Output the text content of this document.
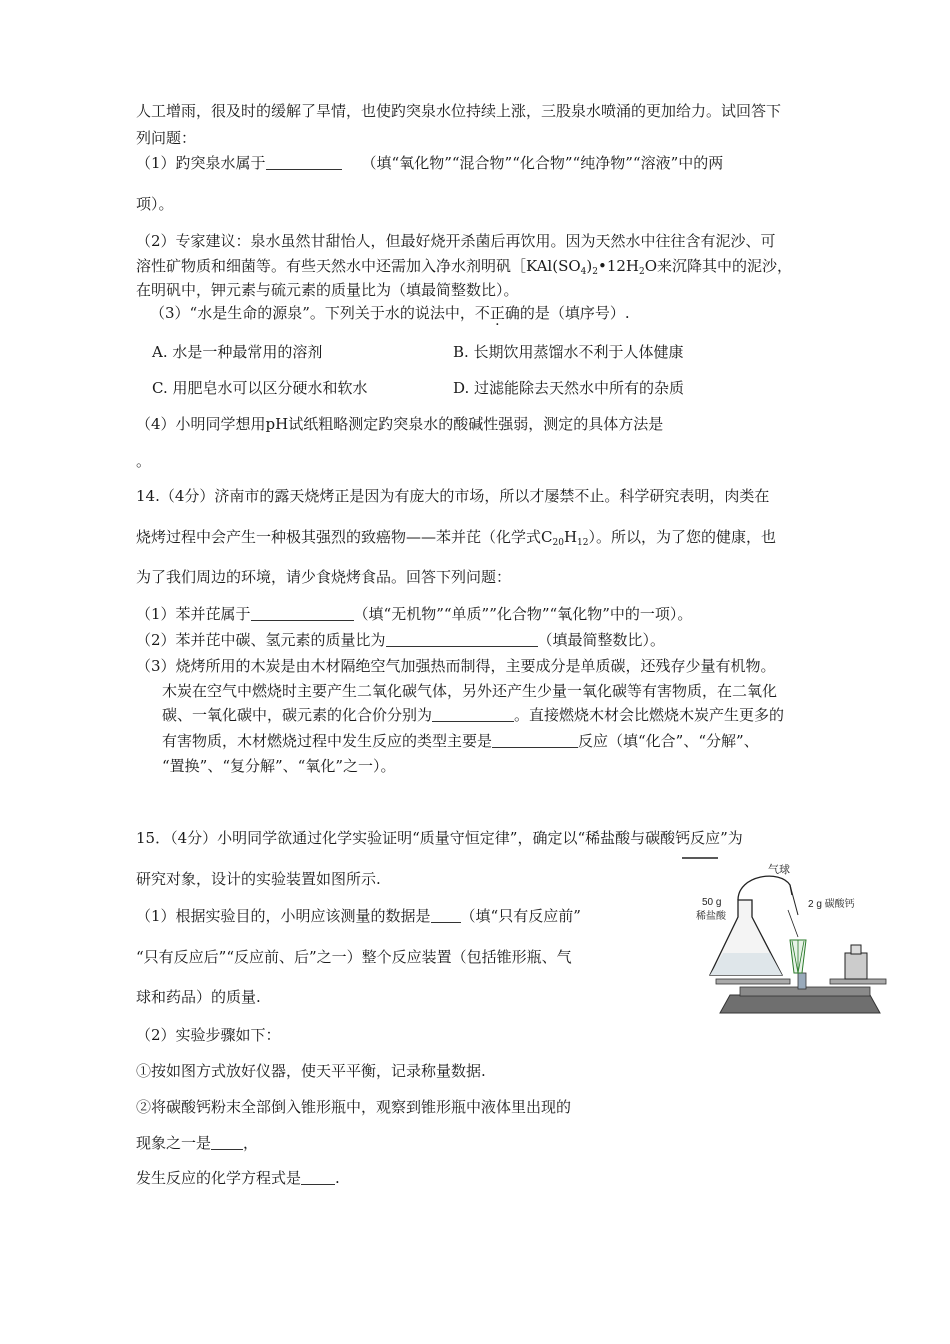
人工增雨，很及时的缓解了旱情，也使趵突泉水位持续上涨，三股泉水喷涌的更加给力。试回答下
列问题：
（1）趵突泉水属于	（填“氧化物”“混合物”“化合物”“纯净物”“溶液”中的两
项）。
（2）专家建议：泉水虽然甘甜怡人，但最好烧开杀菌后再饮用。因为天然水中往往含有泥沙、可
溶性矿物质和细菌等。有些天然水中还需加入净水剂明矾$[KAl(SO_4)_2•12H_2O$来沉降其中的泥沙，
在明矾中，钾元素与硫元素的质量比为（填最简整数比）。
（3）“水是生命的源泉”。下列关于水的说法中，不正确的是（填序号）.
A. 水是一种最常用的溶剂	B. 长期饮用蒸馏水不利于人体健康
C. 用肥皂水可以区分硬水和软水	D. 过滤能除去天然水中所有的杂质
（4）小明同学想用pH试纸粗略测定趵突泉水的酸碱性强弱，测定的具体方法是
。
14.（4分）济南市的露天烧烤正是因为有庞大的市场，所以才屡禁不止。科学研究表明，肉类在
烧烤过程中会产生一种极其强烈的致癌物——苯并芘（化学式$C_{20}H_{12}$）。所以，为了您的健康，也
为了我们周边的环境，请少食烧烤食品。回答下列问题：
（1）苯并芘属于	（填“无机物”“单质””化合物”“氧化物”中的一项）。
（2）苯并芘中碳、氢元素的质量比为	（填最简整数比）。
（3）烧烤所用的木炭是由木材隔绝空气加强热而制得，主要成分是单质碳，还残存少量有机物。
木炭在空气中燃烧时主要产生二氧化碳气体，另外还产生少量一氧化碳等有害物质，在二氧化
碳、一氧化碳中，碳元素的化合价分别为	。直接燃烧木材会比燃烧木炭产生更多的
有害物质，木材燃烧过程中发生反应的类型主要是	反应（填“化合”、“分解”、
“置换”、“复分解”、“氧化”之一）。
15．（4分）小明同学欲通过化学实验证明“质量守恒定律”，确定以“稀盐酸与碳酸钙反应”为
研究对象，设计的实验装置如图所示.
（1）根据实验目的，小明应该测量的数据是 （填“只有反应前”
“只有反应后”“反应前、后”之一）整个反应装置（包括锥形瓶、气
球和药品）的质量.
（2）实验步骤如下：
①按如图方式放好仪器，使天平平衡，记录称量数据.
②将碳酸钙粉末全部倒入锥形瓶中，观察到锥形瓶中液体里出现的
现象之一是 ，
发生反应的化学方程式是 .
气球
50 g
稀盐酸
2 g 碳酸钙
